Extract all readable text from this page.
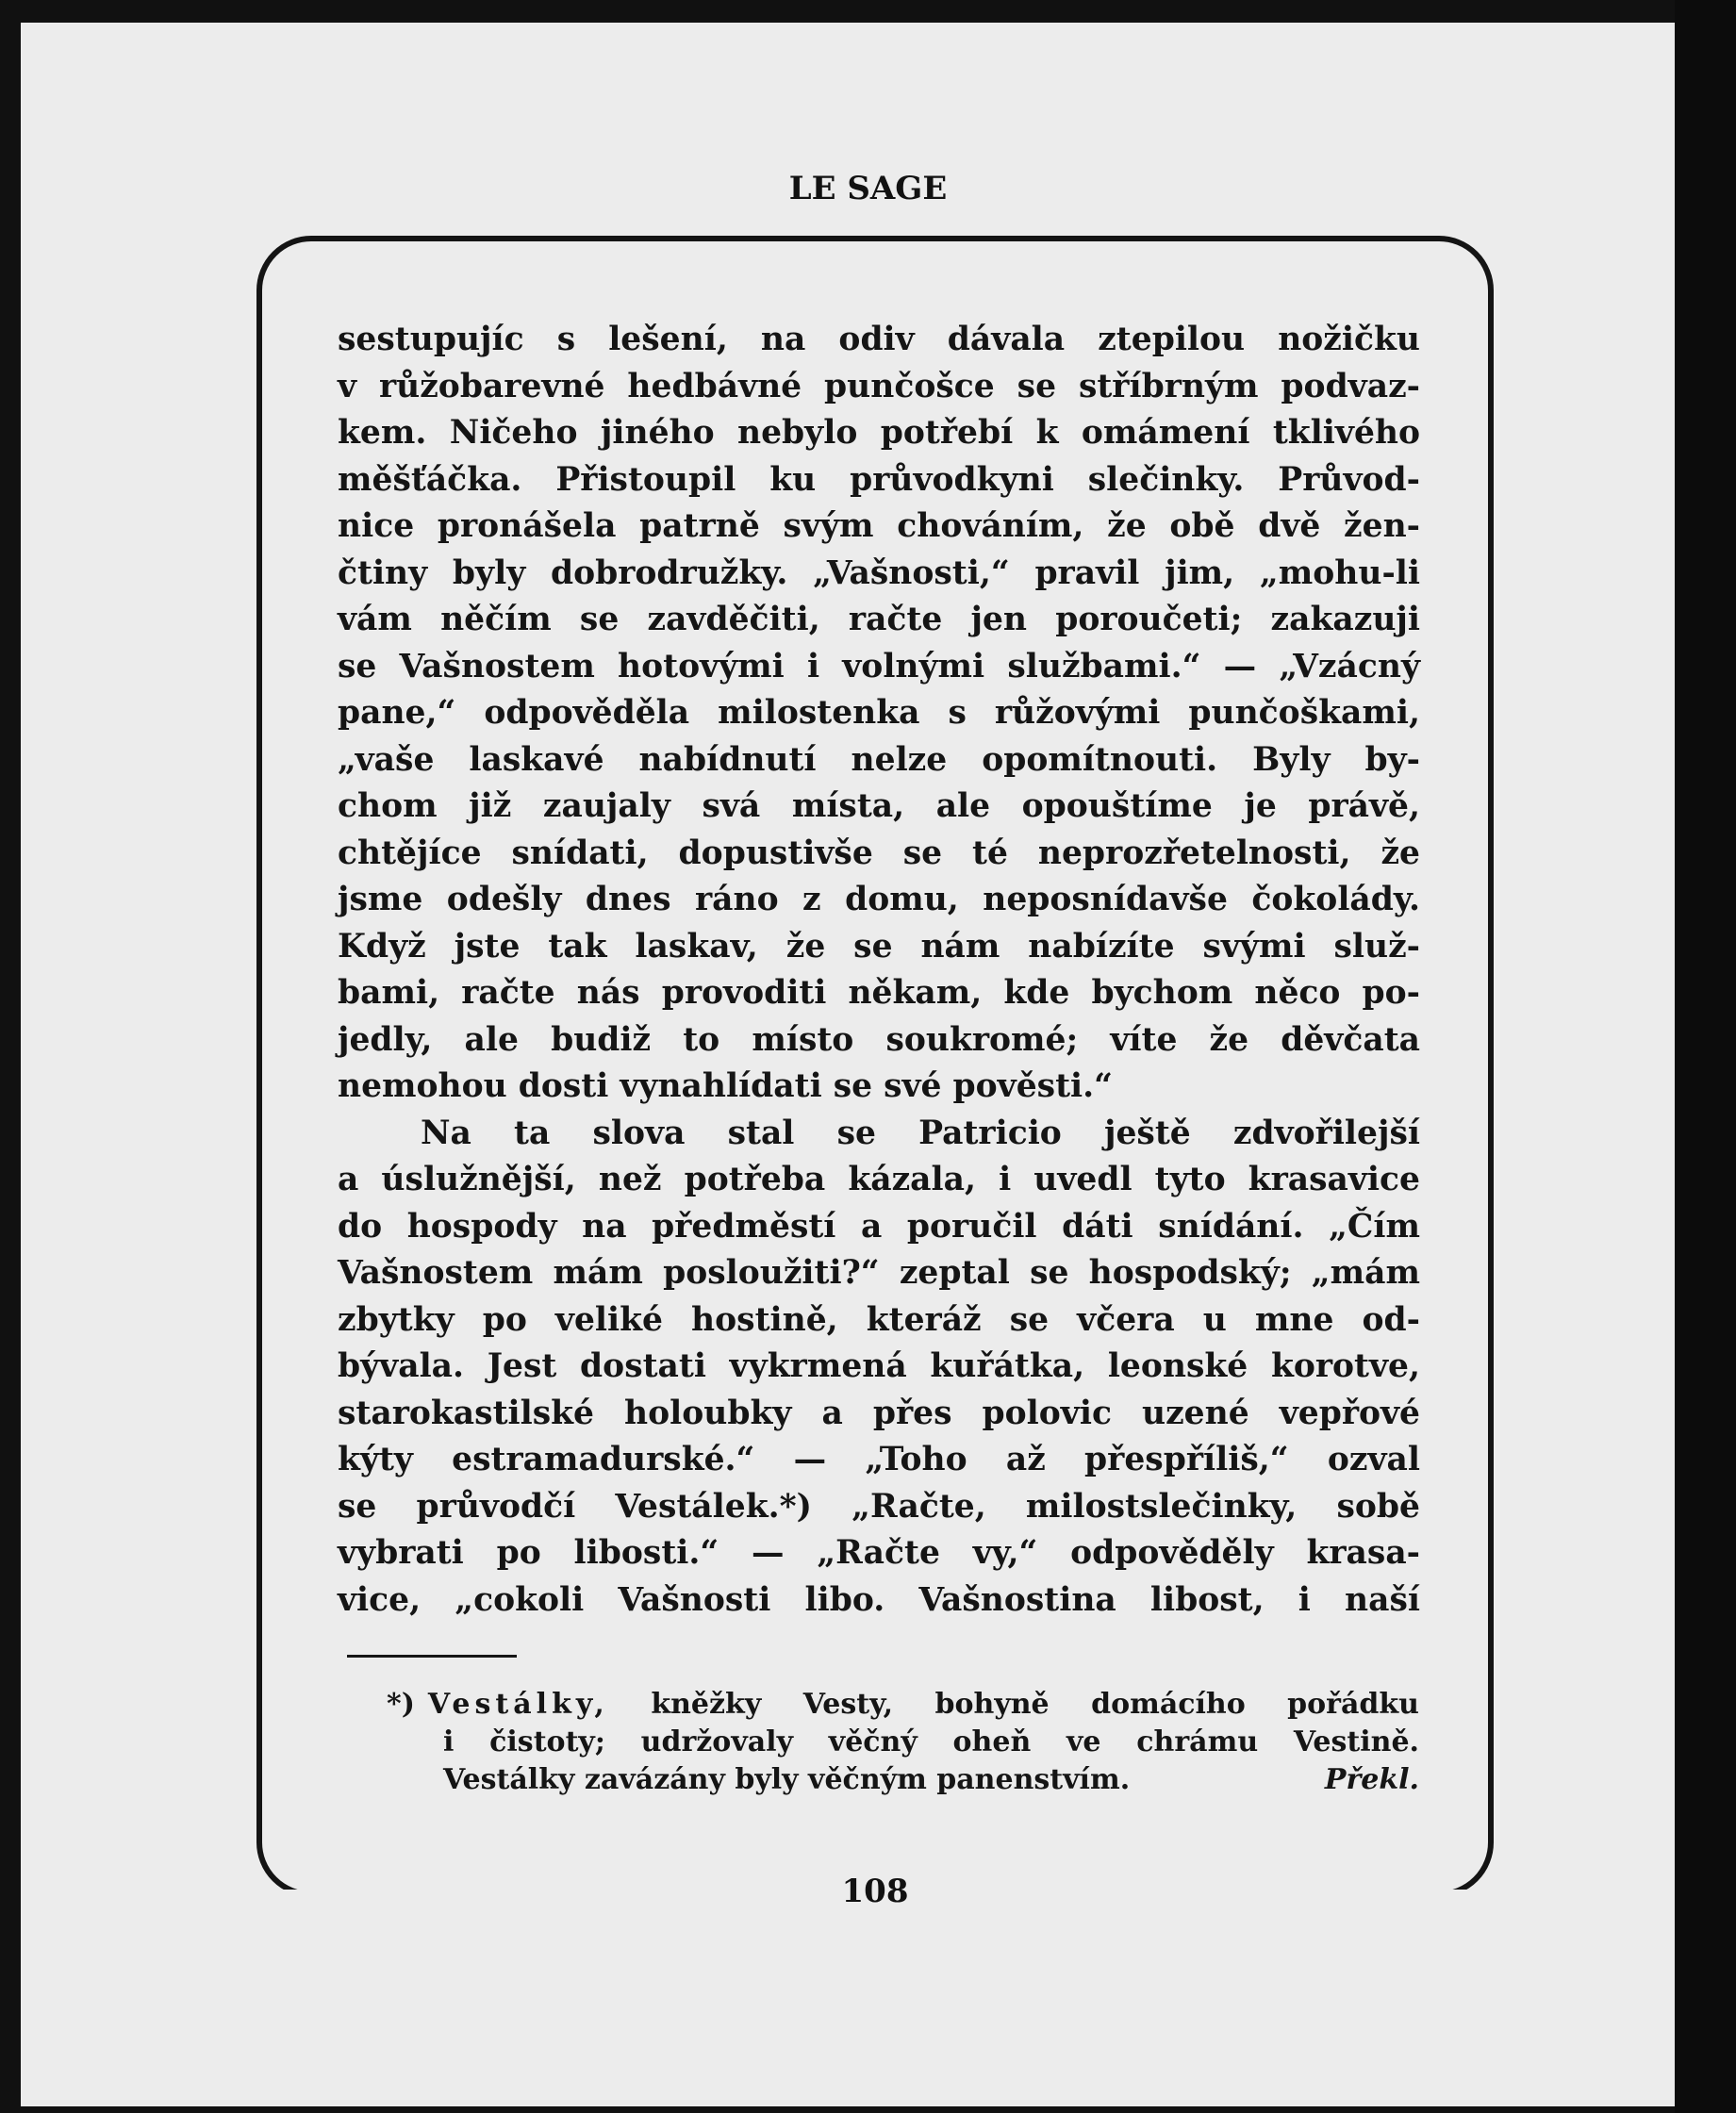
LE SAGE
sestupujíc s lešení, na odiv dávala ztepilou nožičku
v růžobarevné hedbávné punčošce se stříbrným podvaz-
kem. Ničeho jiného nebylo potřebí k omámení tklivého
měšťáčka. Přistoupil ku průvodkyni slečinky. Průvod-
nice pronášela patrně svým chováním, že obě dvě žen-
čtiny byly dobrodružky. „Vašnosti,“ pravil jim, „mohu-li
vám něčím se zavděčiti, račte jen poroučeti; zakazuji
se Vašnostem hotovými i volnými službami.“ — „Vzácný
pane,“ odpověděla milostenka s růžovými punčoškami,
„vaše laskavé nabídnutí nelze opomítnouti. Byly by-
chom již zaujaly svá místa, ale opouštíme je právě,
chtějíce snídati, dopustivše se té neprozřetelnosti, že
jsme odešly dnes ráno z domu, neposnídavše čokolády.
Když jste tak laskav, že se nám nabízíte svými služ-
bami, račte nás provoditi někam, kde bychom něco po-
jedly, ale budiž to místo soukromé; víte že děvčata
nemohou dosti vynahlídati se své pověsti.“
Na ta slova stal se Patricio ještě zdvořilejší
a úslužnější, než potřeba kázala, i uvedl tyto krasavice
do hospody na předměstí a poručil dáti snídání. „Čím
Vašnostem mám posloužiti?“ zeptal se hospodský; „mám
zbytky po veliké hostině, kteráž se včera u mne od-
bývala. Jest dostati vykrmená kuřátka, leonské korotve,
starokastilské holoubky a přes polovic uzené vepřové
kýty estramadurské.“ — „Toho až přespříliš,“ ozval
se průvodčí Vestálek.*) „Račte, milostslečinky, sobě
vybrati po libosti.“ — „Račte vy,“ odpověděly krasa-
vice, „cokoli Vašnosti libo. Vašnostina libost, i naší
*) Vestálky, kněžky Vesty, bohyně domácího pořádku
i čistoty; udržovaly věčný oheň ve chrámu Vestině.
Vestálky zavázány byly věčným panenstvím.	Překl.
108
